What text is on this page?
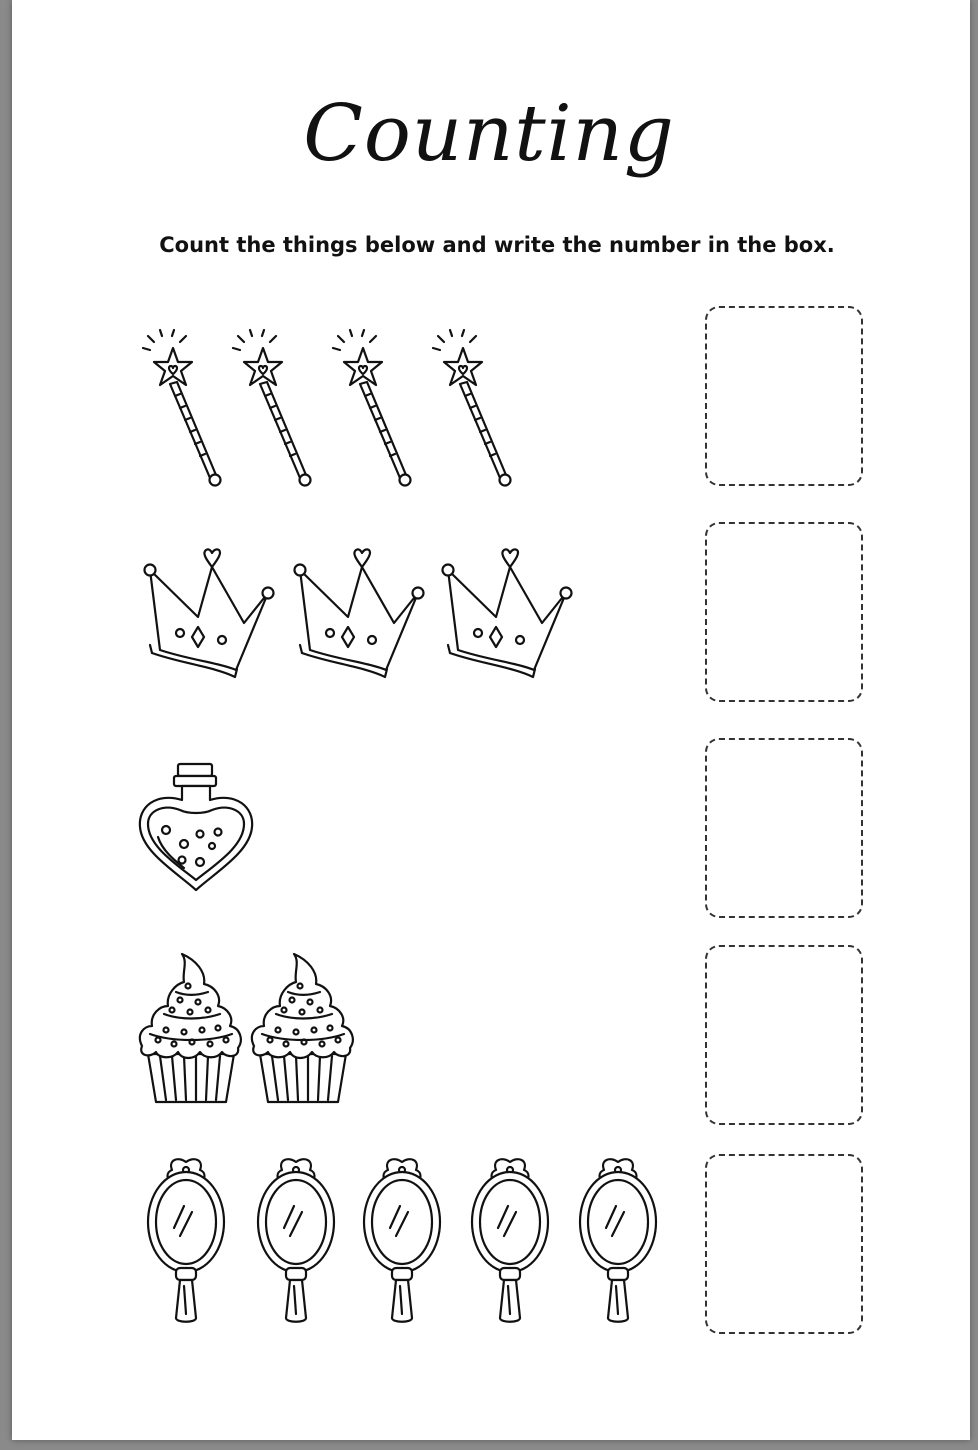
Counting
Count the things below and write the number in the box.
